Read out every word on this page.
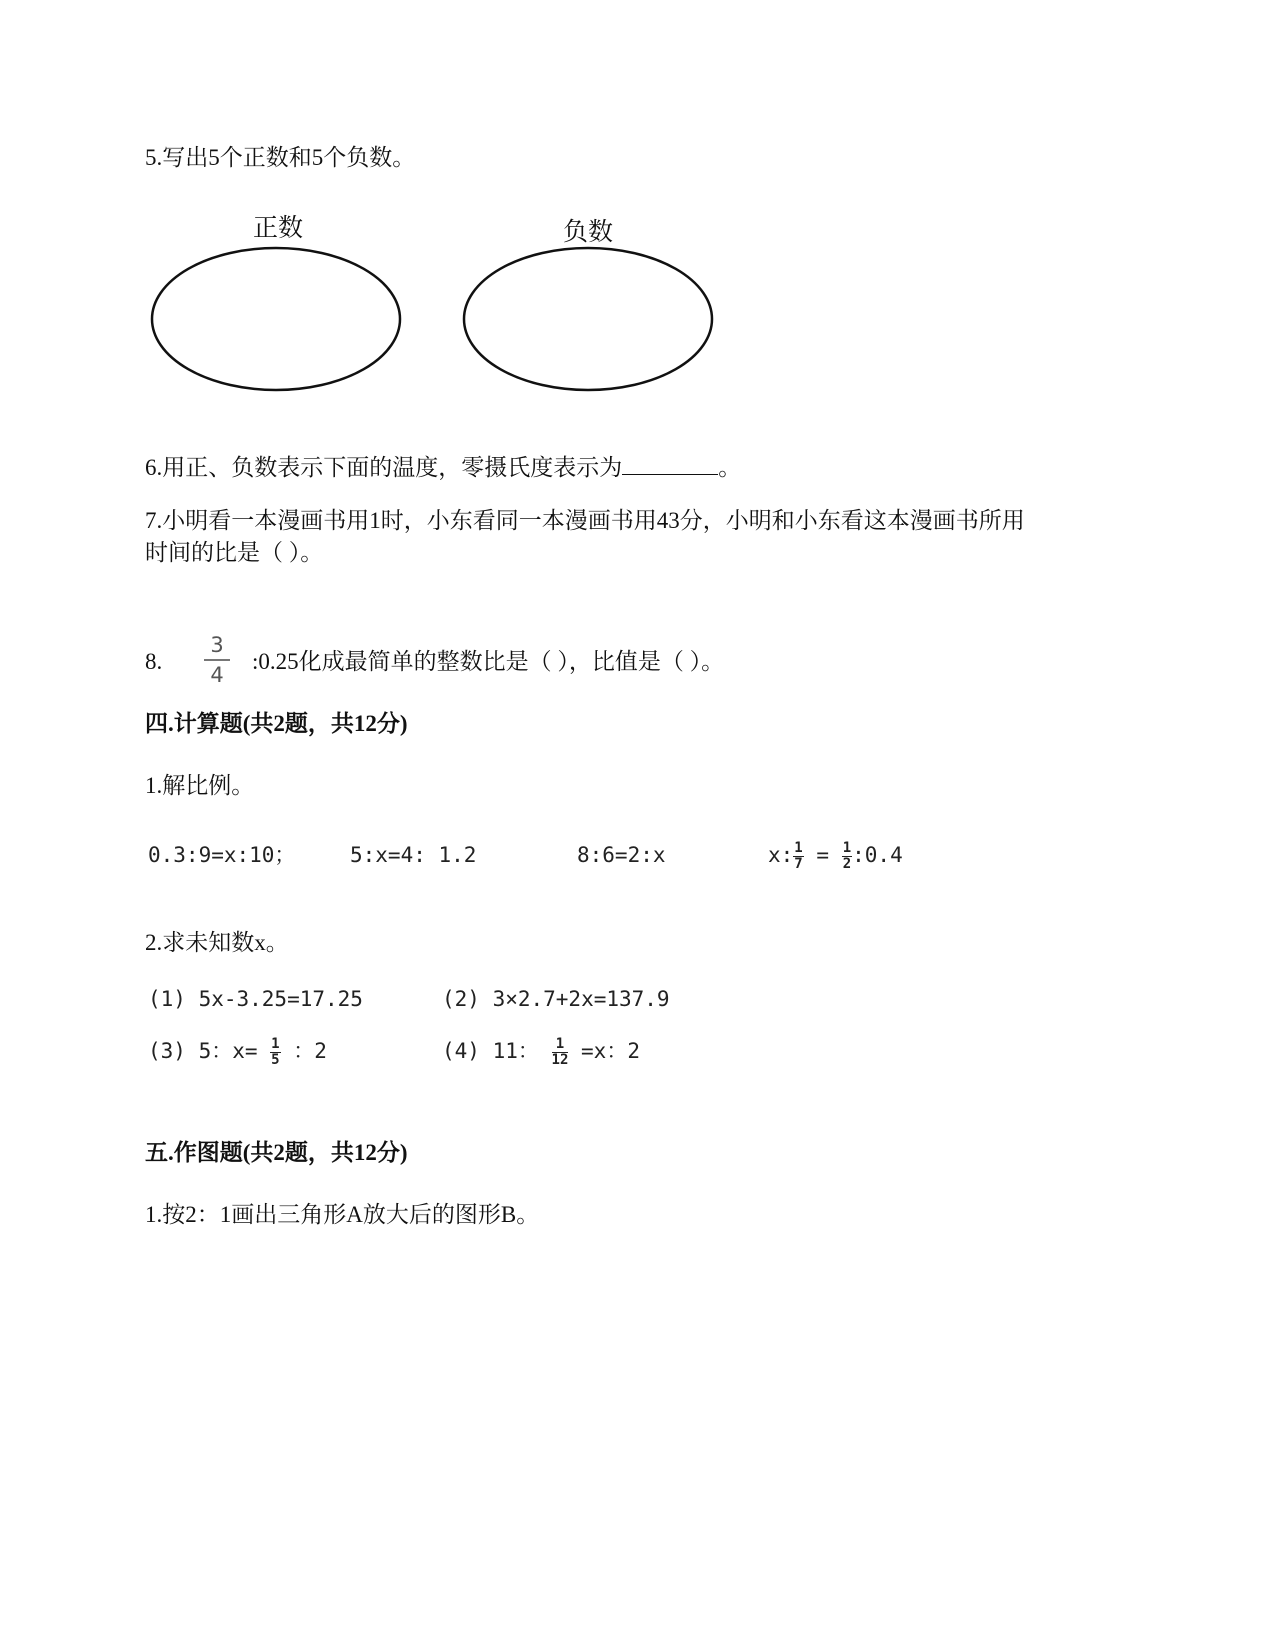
5.写出5个正数和5个负数。
正数	负数
6.用正、负数表示下面的温度，零摄氏度表示为	。
7.小明看一本漫画书用1时，小东看同一本漫画书用43分，小明和小东看这本漫画书所用
时间的比是（ ）。
3
4
8.	:0.25化成最简单的整数比是（ ），比值是（ ）。
四.计算题(共2题，共12分)
1.解比例。
0.3:9=x:10；	5:x=4: 1.2	8:6=2:x	x: $\frac{1}{7} = \frac{1}{2}$ :0.4
2.求未知数x。
(1) 5x-3.25=17.25	(2) 3×2.7+2x=137.9
(3) 5：$x= \frac{1}{5}$ ：2	(4) 11： $\frac{1}{12} =x$：2
五.作图题(共2题，共12分)
1.按2：1画出三角形A放大后的图形B。
